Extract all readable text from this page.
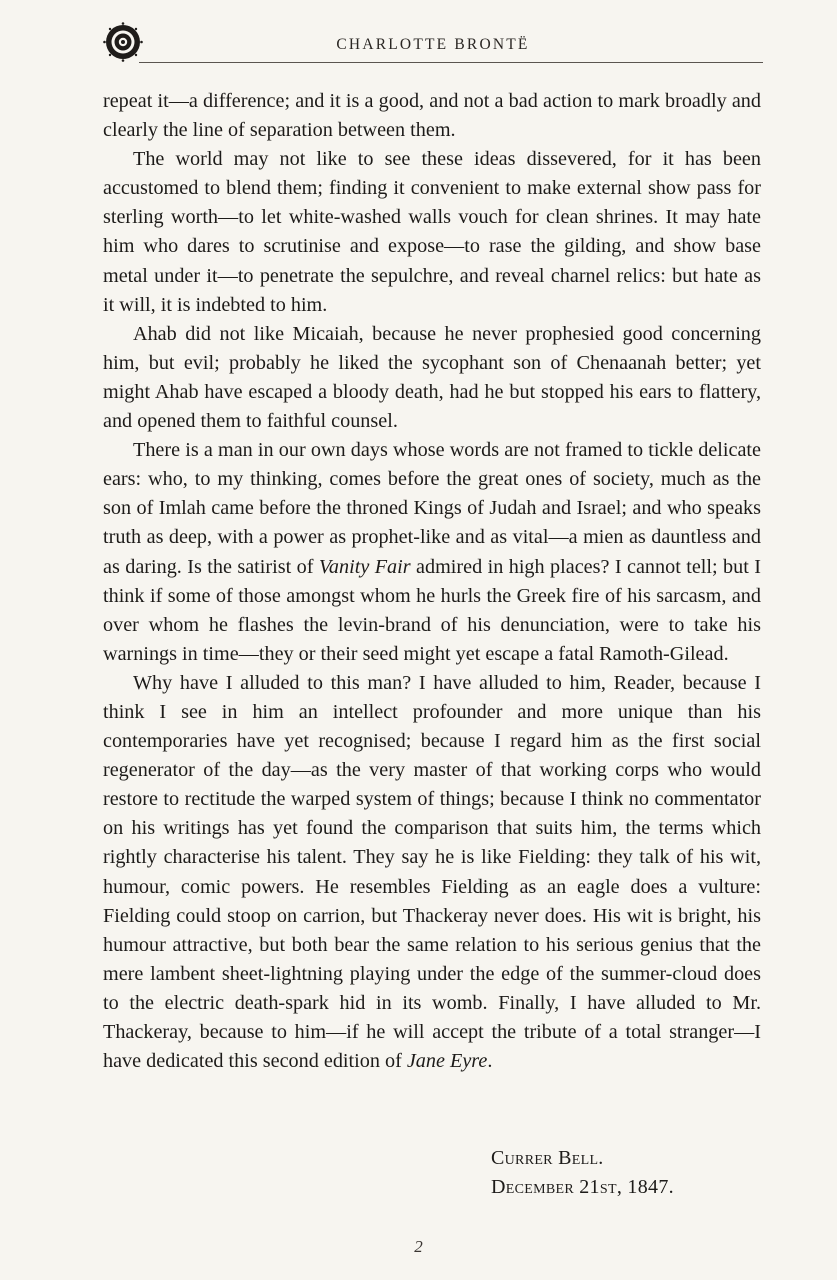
CHARLOTTE BRONTË

repeat it—a difference; and it is a good, and not a bad action to mark broadly and clearly the line of separation between them.

The world may not like to see these ideas dissevered, for it has been accustomed to blend them; finding it convenient to make external show pass for sterling worth—to let white-washed walls vouch for clean shrines. It may hate him who dares to scrutinise and expose—to rase the gilding, and show base metal under it—to penetrate the sepulchre, and reveal charnel relics: but hate as it will, it is indebted to him.

Ahab did not like Micaiah, because he never prophesied good concerning him, but evil; probably he liked the sycophant son of Chenaanah better; yet might Ahab have escaped a bloody death, had he but stopped his ears to flattery, and opened them to faithful counsel.

There is a man in our own days whose words are not framed to tickle delicate ears: who, to my thinking, comes before the great ones of society, much as the son of Imlah came before the throned Kings of Judah and Israel; and who speaks truth as deep, with a power as prophet-like and as vital—a mien as dauntless and as daring. Is the satirist of Vanity Fair admired in high places? I cannot tell; but I think if some of those amongst whom he hurls the Greek fire of his sarcasm, and over whom he flashes the levin-brand of his denunciation, were to take his warnings in time—they or their seed might yet escape a fatal Ramoth-Gilead.

Why have I alluded to this man? I have alluded to him, Reader, because I think I see in him an intellect profounder and more unique than his contemporaries have yet recognised; because I regard him as the first social regenerator of the day—as the very master of that working corps who would restore to rectitude the warped system of things; because I think no commentator on his writings has yet found the comparison that suits him, the terms which rightly characterise his talent. They say he is like Fielding: they talk of his wit, humour, comic powers. He resembles Fielding as an eagle does a vulture: Fielding could stoop on carrion, but Thackeray never does. His wit is bright, his humour attractive, but both bear the same relation to his serious genius that the mere lambent sheet-lightning playing under the edge of the summer-cloud does to the electric death-spark hid in its womb. Finally, I have alluded to Mr. Thackeray, because to him—if he will accept the tribute of a total stranger—I have dedicated this second edition of Jane Eyre.

Currer Bell.
December 21st, 1847.
2
